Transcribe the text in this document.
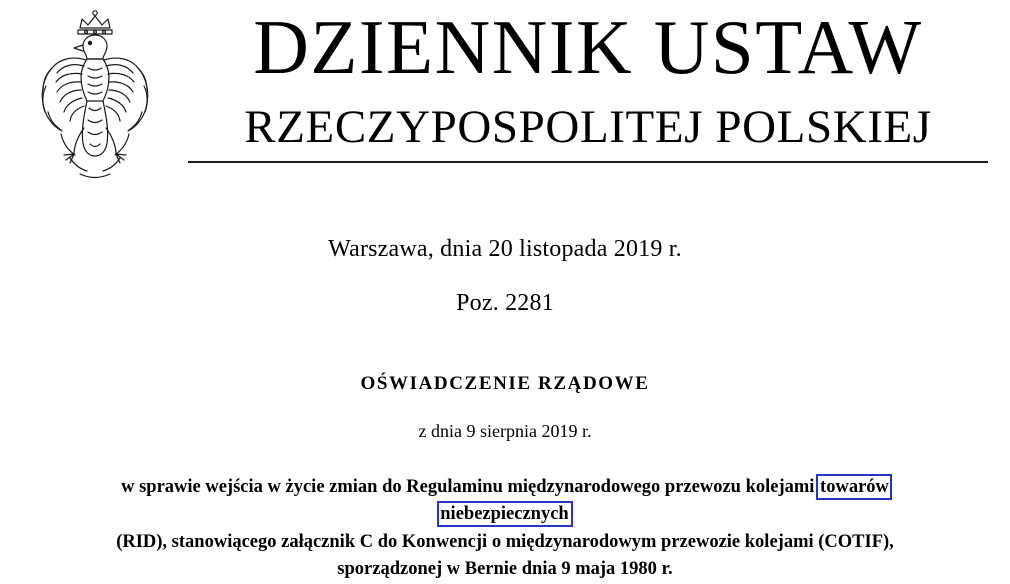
DZIENNIK USTAW
RZECZYPOSPOLITEJ POLSKIEJ
Warszawa, dnia 20 listopada 2019 r.
Poz. 2281
OŚWIADCZENIE RZĄDOWE
z dnia 9 sierpnia 2019 r.
w sprawie wejścia w życie zmian do Regulaminu międzynarodowego przewozu kolejami towarów niebezpiecznych
(RID), stanowiącego załącznik C do Konwencji o międzynarodowym przewozie kolejami (COTIF),
sporządzonej w Bernie dnia 9 maja 1980 r.
